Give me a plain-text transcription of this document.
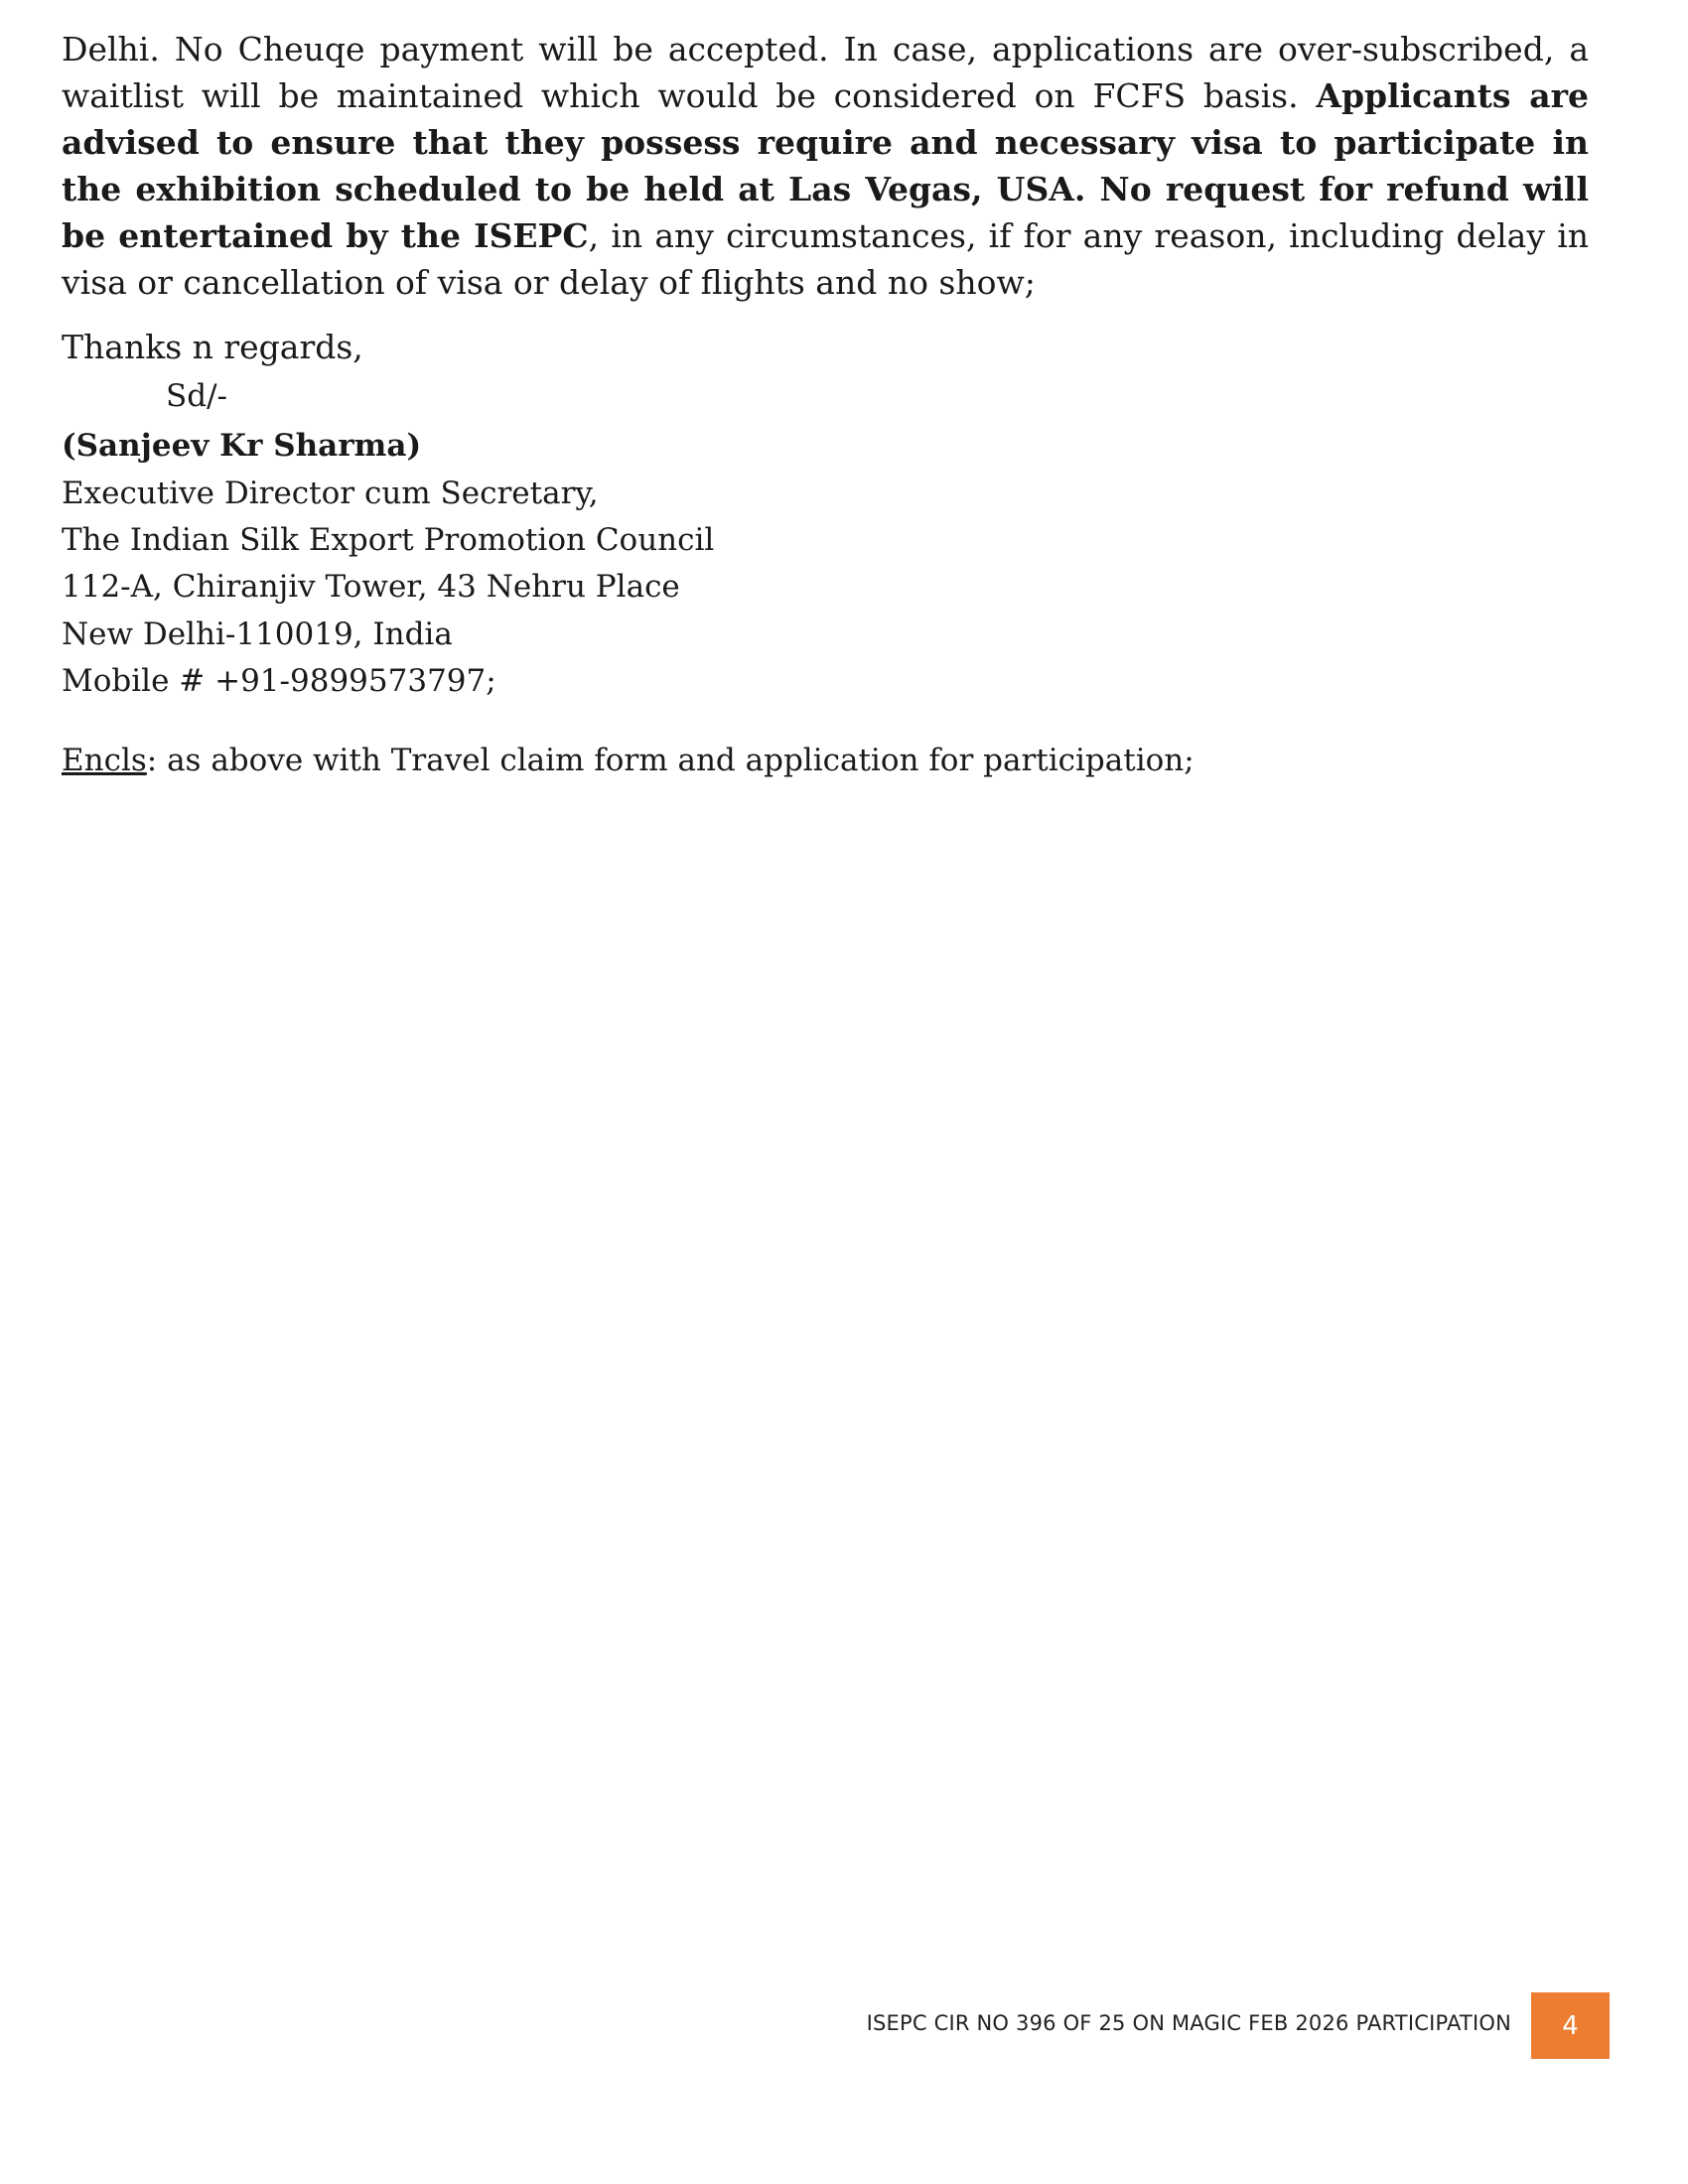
Delhi. No Cheuqe payment will be accepted. In case, applications are over-subscribed, a waitlist will be maintained which would be considered on FCFS basis. Applicants are advised to ensure that they possess require and necessary visa to participate in the exhibition scheduled to be held at Las Vegas, USA. No request for refund will be entertained by the ISEPC, in any circumstances, if for any reason, including delay in visa or cancellation of visa or delay of flights and no show;

Thanks n regards,

Sd/-

(Sanjeev Kr Sharma)

Executive Director cum Secretary,

The Indian Silk Export Promotion Council

112-A, Chiranjiv Tower, 43 Nehru Place

New Delhi-110019, India

Mobile # +91-9899573797;

Encls: as above with Travel claim form and application for participation;

ISEPC CIR NO 396 OF 25 ON MAGIC FEB 2026 PARTICIPATION	4
